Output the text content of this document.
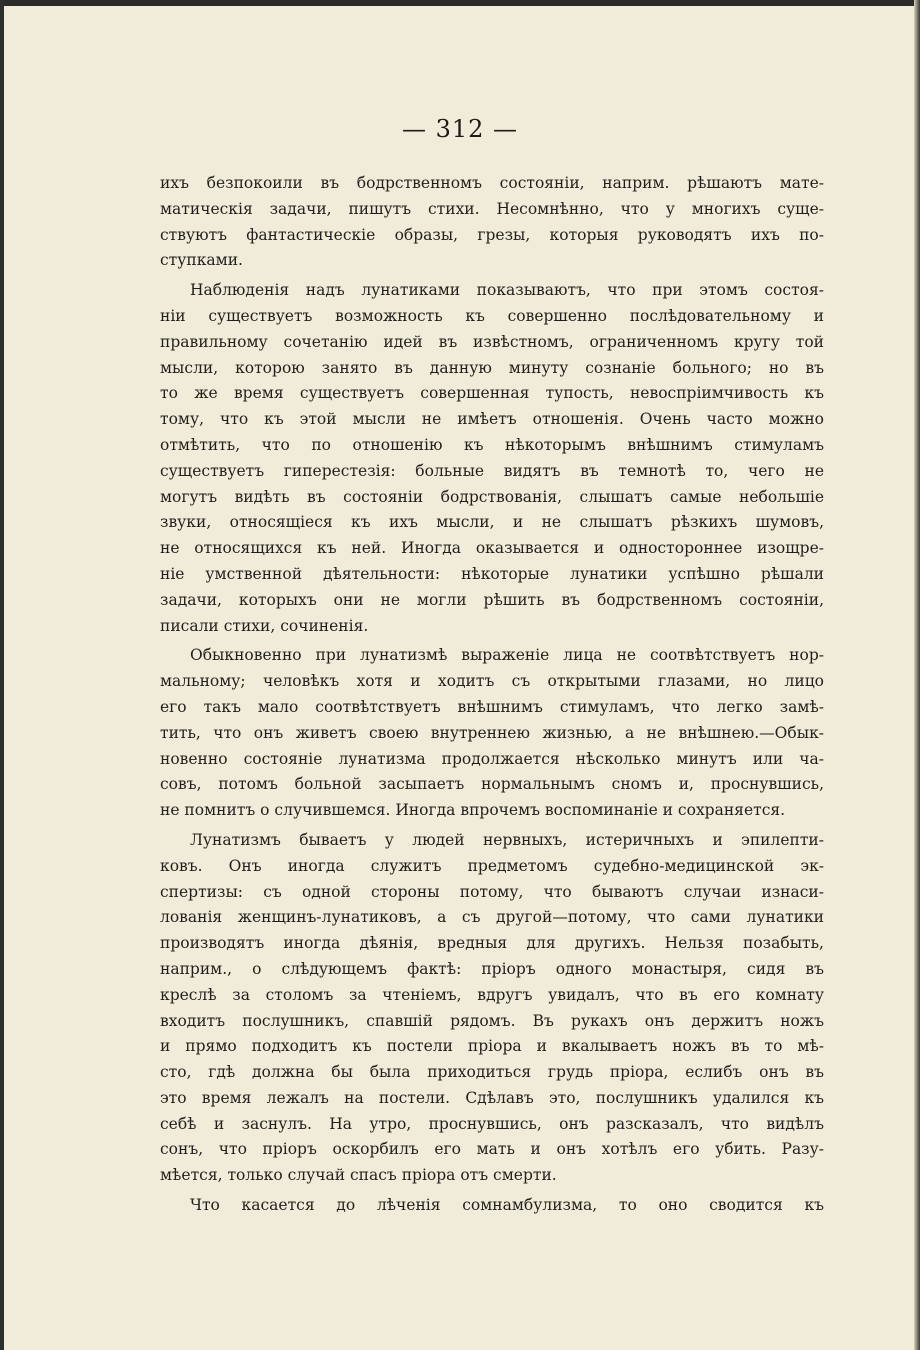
— 312 —
ихъ безпокоили въ бодрственномъ состояніи, наприм. рѣшаютъ мате-
матическія задачи, пишутъ стихи. Несомнѣнно, что у многихъ суще-
ствуютъ фантастическіе образы, грезы, которыя руководятъ ихъ по-
ступками.
Наблюденія надъ лунатиками показываютъ, что при этомъ состоя-
ніи существуетъ возможность къ совершенно послѣдовательному и
правильному сочетанію идей въ извѣстномъ, ограниченномъ кругу той
мысли, которою занято въ данную минуту сознаніе больного; но въ
то же время существуетъ совершенная тупость, невоспріимчивость къ
тому, что къ этой мысли не имѣетъ отношенія. Очень часто можно
отмѣтить, что по отношенію къ нѣкоторымъ внѣшнимъ стимуламъ
существуетъ гиперестезія: больные видятъ въ темнотѣ то, чего не
могутъ видѣть въ состояніи бодрствованія, слышатъ самые небольшіе
звуки, относящіеся къ ихъ мысли, и не слышатъ рѣзкихъ шумовъ,
не относящихся къ ней. Иногда оказывается и одностороннее изощре-
ніе умственной дѣятельности: нѣкоторые лунатики успѣшно рѣшали
задачи, которыхъ они не могли рѣшить въ бодрственномъ состояніи,
писали стихи, сочиненія.
Обыкновенно при лунатизмѣ выраженіе лица не соотвѣтствуетъ нор-
мальному; человѣкъ хотя и ходитъ съ открытыми глазами, но лицо
его такъ мало соотвѣтствуетъ внѣшнимъ стимуламъ, что легко замѣ-
тить, что онъ живетъ своею внутреннею жизнью, а не внѣшнею.—Обык-
новенно состояніе лунатизма продолжается нѣсколько минутъ или ча-
совъ, потомъ больной засыпаетъ нормальнымъ сномъ и, проснувшись,
не помнитъ о случившемся. Иногда впрочемъ воспоминаніе и сохраняется.
Лунатизмъ бываетъ у людей нервныхъ, истеричныхъ и эпилепти-
ковъ. Онъ иногда служитъ предметомъ судебно-медицинской эк-
спертизы: съ одной стороны потому, что бываютъ случаи изнаси-
лованія женщинъ-лунатиковъ, а съ другой—потому, что сами лунатики
производятъ иногда дѣянія, вредныя для другихъ. Нельзя позабыть,
наприм., о слѣдующемъ фактѣ: пріоръ одного монастыря, сидя въ
креслѣ за столомъ за чтеніемъ, вдругъ увидалъ, что въ его комнату
входитъ послушникъ, спавшій рядомъ. Въ рукахъ онъ держитъ ножъ
и прямо подходитъ къ постели пріора и вкалываетъ ножъ въ то мѣ-
сто, гдѣ должна бы была приходиться грудь пріора, еслибъ онъ въ
это время лежалъ на постели. Сдѣлавъ это, послушникъ удалился къ
себѣ и заснулъ. На утро, проснувшись, онъ разсказалъ, что видѣлъ
сонъ, что пріоръ оскорбилъ его мать и онъ хотѣлъ его убить. Разу-
мѣется, только случай спасъ пріора отъ смерти.
Что касается до лѣченія сомнамбулизма, то оно сводится къ
